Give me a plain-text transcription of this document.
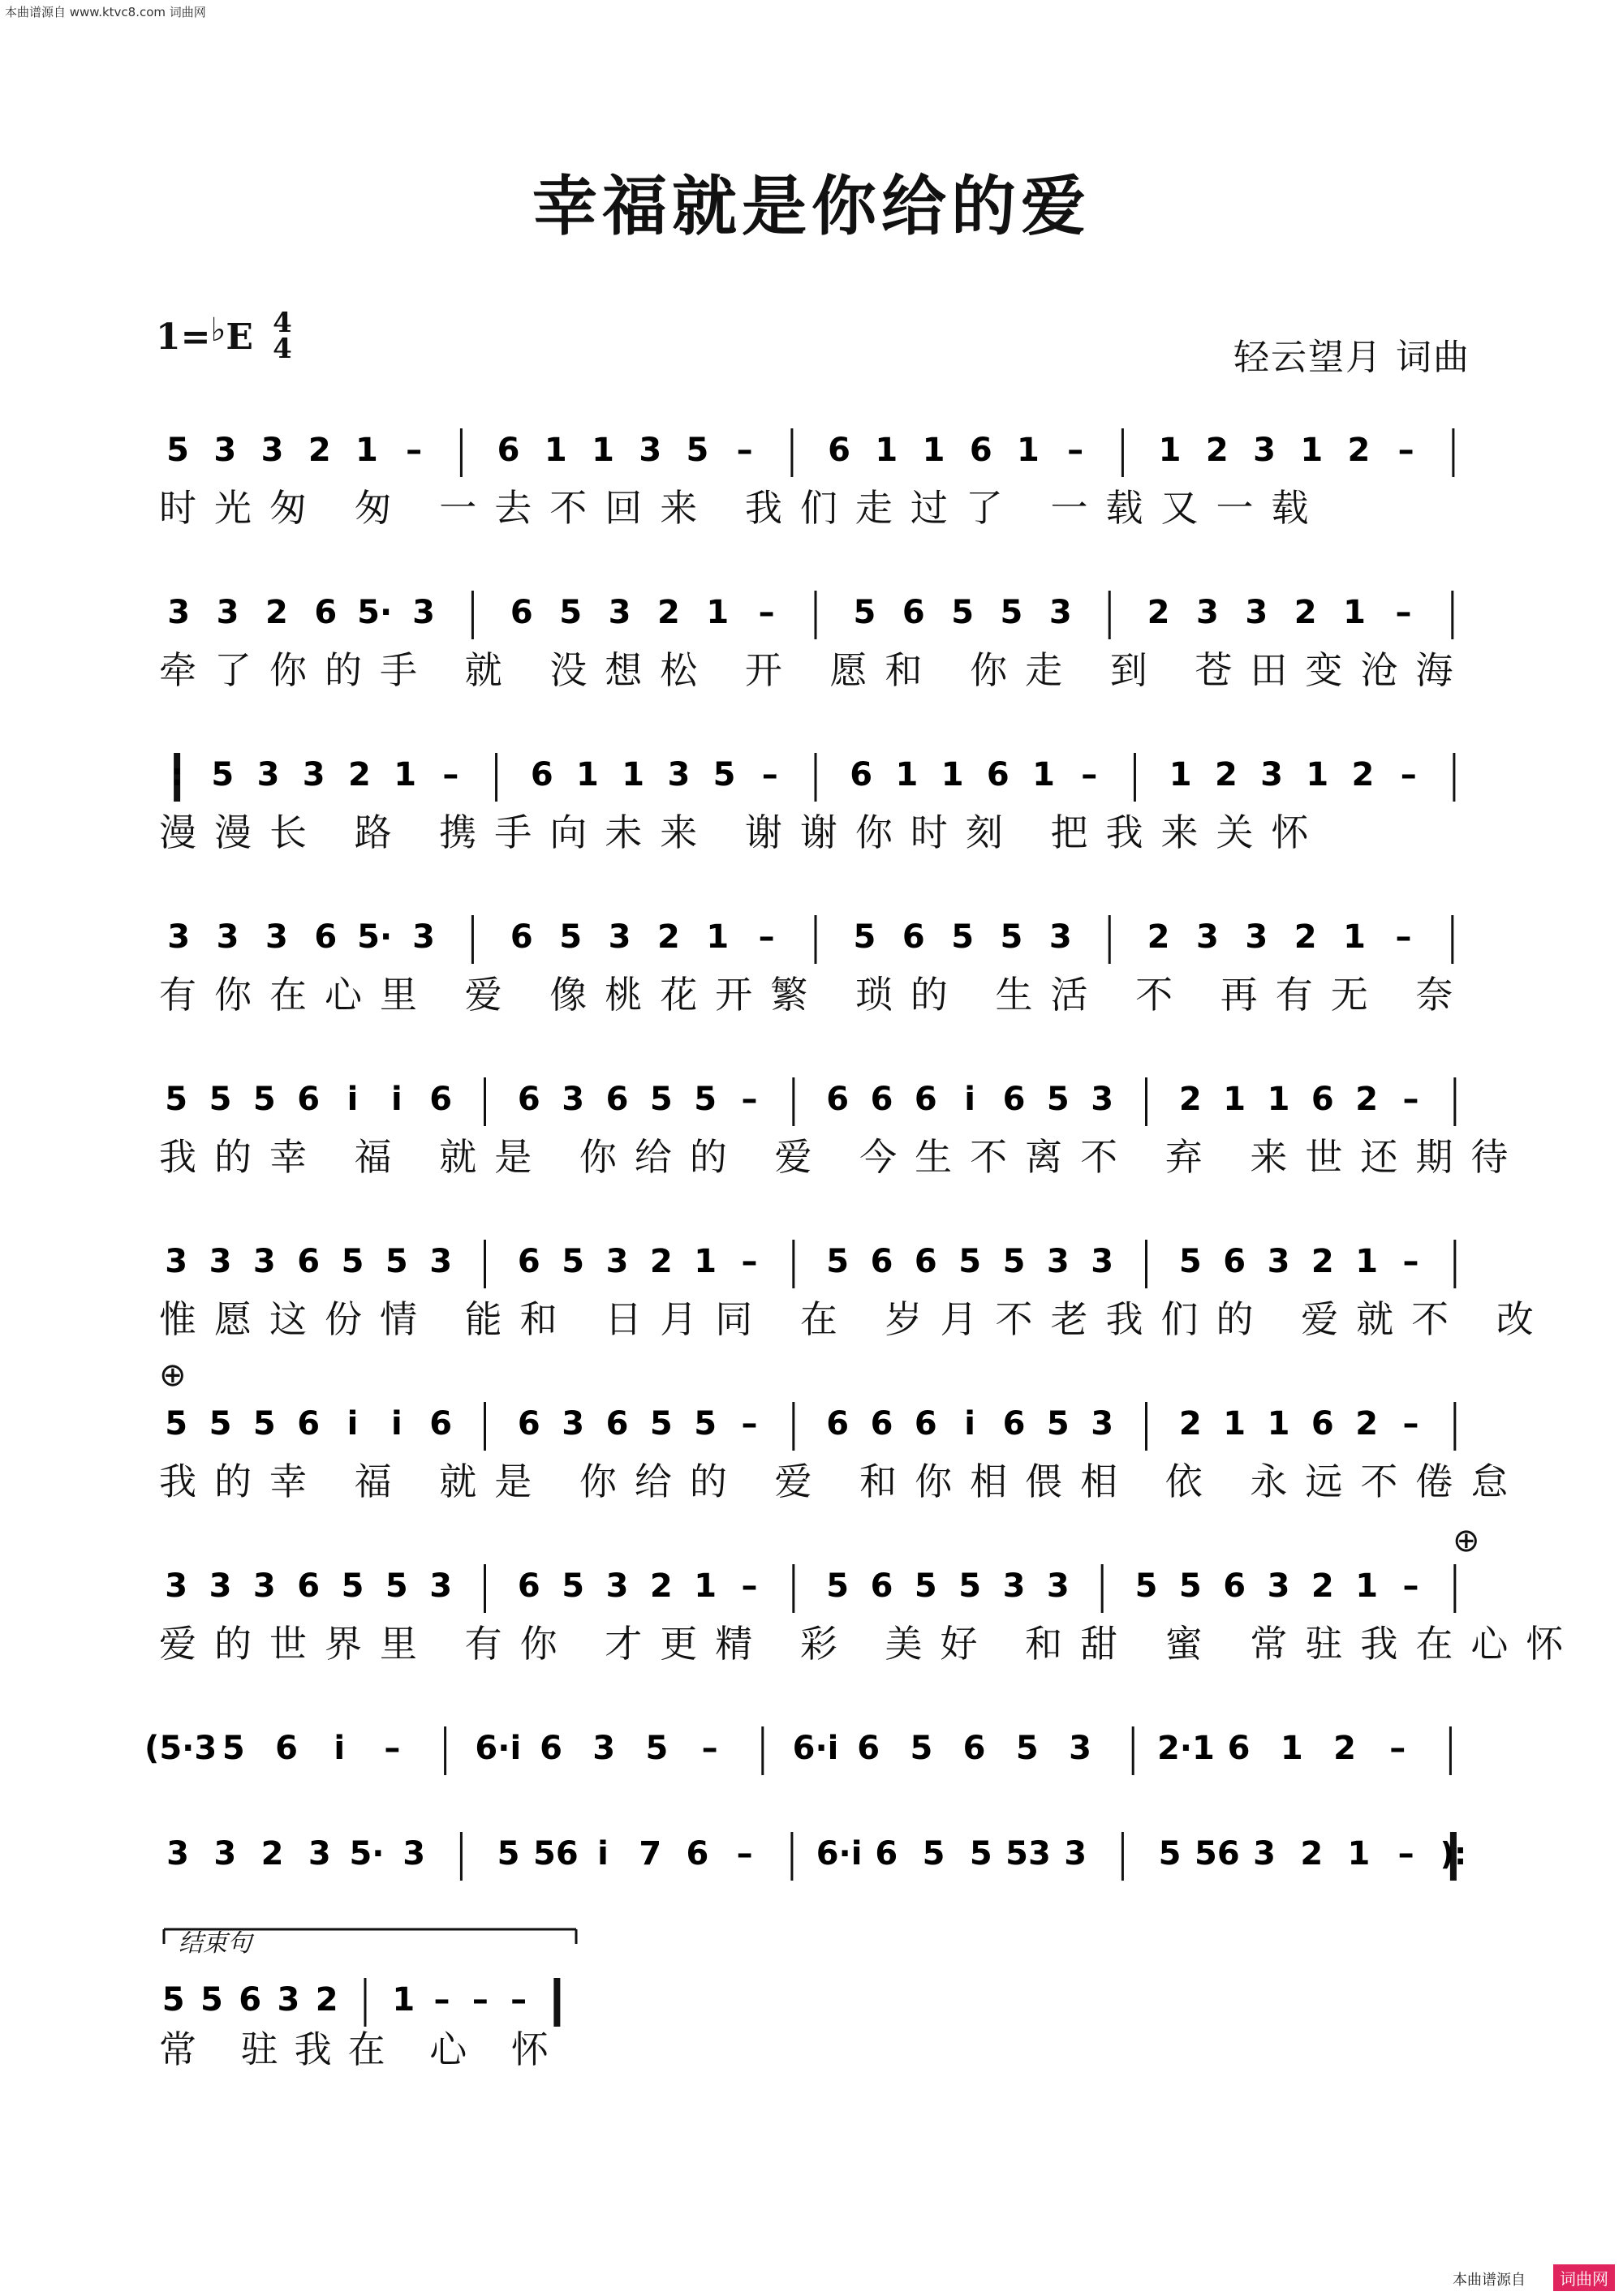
本曲谱源自 www.ktvc8.com 词曲网
幸福就是你给的爱
1=♭E 4
4	轻云望月 词曲
5 3 3 2 1 – 6 1 1 3 5 – 6 1 1 6 1 – 1 2 3 1 2 –
时光匆 匆 一去不回来 我们走过了 一载又一载
3 3 2 6 5· 3 6 5 3 2 1 – 5 6 5 5 3 2 3 3 2 1 –
牵了你的手 就 没想松 开 愿和 你走 到 苍田变沧海
: 5 3 3 2 1 – 6 1 1 3 5 – 6 1 1 6 1 – 1 2 3 1 2 –
漫漫长 路 携手向未来 谢谢你时刻 把我来关怀
3 3 3 6 5· 3 6 5 3 2 1 – 5 6 5 5 3 2 3 3 2 1 –
有你在心里 爱 像桃花开繁 琐的 生活 不 再有无 奈
5 5 5 6 i i 6 6 3 6 5 5 – 6 6 6 i 6 5 3 2 1 1 6 2 –
我的幸 福 就是 你给的 爱 今生不离不 弃 来世还期待
3 3 3 6 5 5 3 6 5 3 2 1 – 5 6 6 5 5 3 3 5 6 3 2 1 –
惟愿这份情 能和 日月同 在 岁月不老我们的 爱就不 改
5 5 5 6 i i 6 6 3 6 5 5 – 6 6 6 i 6 5 3 2 1 1 6 2 –
我的幸 福 就是 你给的 爱 和你相偎相 依 永远不倦怠
3 3 3 6 5 5 3 6 5 3 2 1 – 5 6 5 5 3 3 5 5 6 3 2 1 –
爱的世界里 有你 才更精 彩 美好 和甜 蜜 常驻我在心怀
(5·3 5 6 i – 6·i 6 3 5 – 6·i 6 5 6 5 3 2·1 6 1 2 –
3 3 2 3 5· 3 5 56 i 7 6 – 6·i 6 5 5 53 3 5 56 3 2 1 – ):
⊕
⊕
结束句
5 5 6 3 2 1 – – –
常 驻我在 心 怀
本曲谱源自	词曲网
